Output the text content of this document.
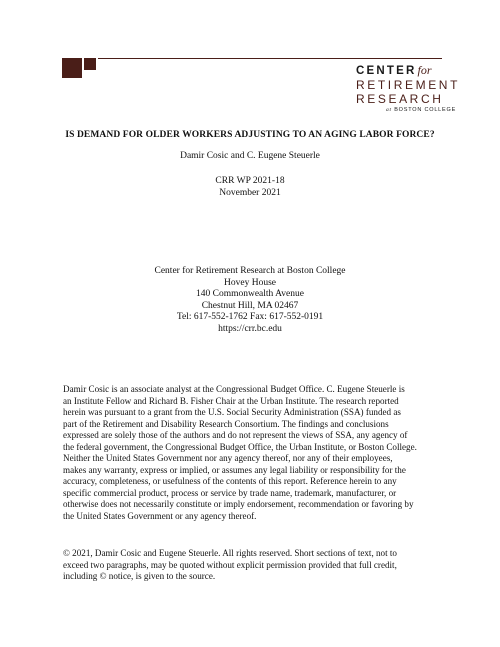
CENTERfor
RETIREMENT
RESEARCH
at BOSTON COLLEGE
IS DEMAND FOR OLDER WORKERS ADJUSTING TO AN AGING LABOR FORCE?
Damir Cosic and C. Eugene Steuerle
CRR WP 2021-18
November 2021
Center for Retirement Research at Boston College
Hovey House
140 Commonwealth Avenue
Chestnut Hill, MA 02467
Tel: 617-552-1762 Fax: 617-552-0191
https://crr.bc.edu
Damir Cosic is an associate analyst at the Congressional Budget Office. C. Eugene Steuerle is
an Institute Fellow and Richard B. Fisher Chair at the Urban Institute. The research reported
herein was pursuant to a grant from the U.S. Social Security Administration (SSA) funded as
part of the Retirement and Disability Research Consortium. The findings and conclusions
expressed are solely those of the authors and do not represent the views of SSA, any agency of
the federal government, the Congressional Budget Office, the Urban Institute, or Boston College.
Neither the United States Government nor any agency thereof, nor any of their employees,
makes any warranty, express or implied, or assumes any legal liability or responsibility for the
accuracy, completeness, or usefulness of the contents of this report. Reference herein to any
specific commercial product, process or service by trade name, trademark, manufacturer, or
otherwise does not necessarily constitute or imply endorsement, recommendation or favoring by
the United States Government or any agency thereof.
© 2021, Damir Cosic and Eugene Steuerle. All rights reserved. Short sections of text, not to
exceed two paragraphs, may be quoted without explicit permission provided that full credit,
including © notice, is given to the source.
